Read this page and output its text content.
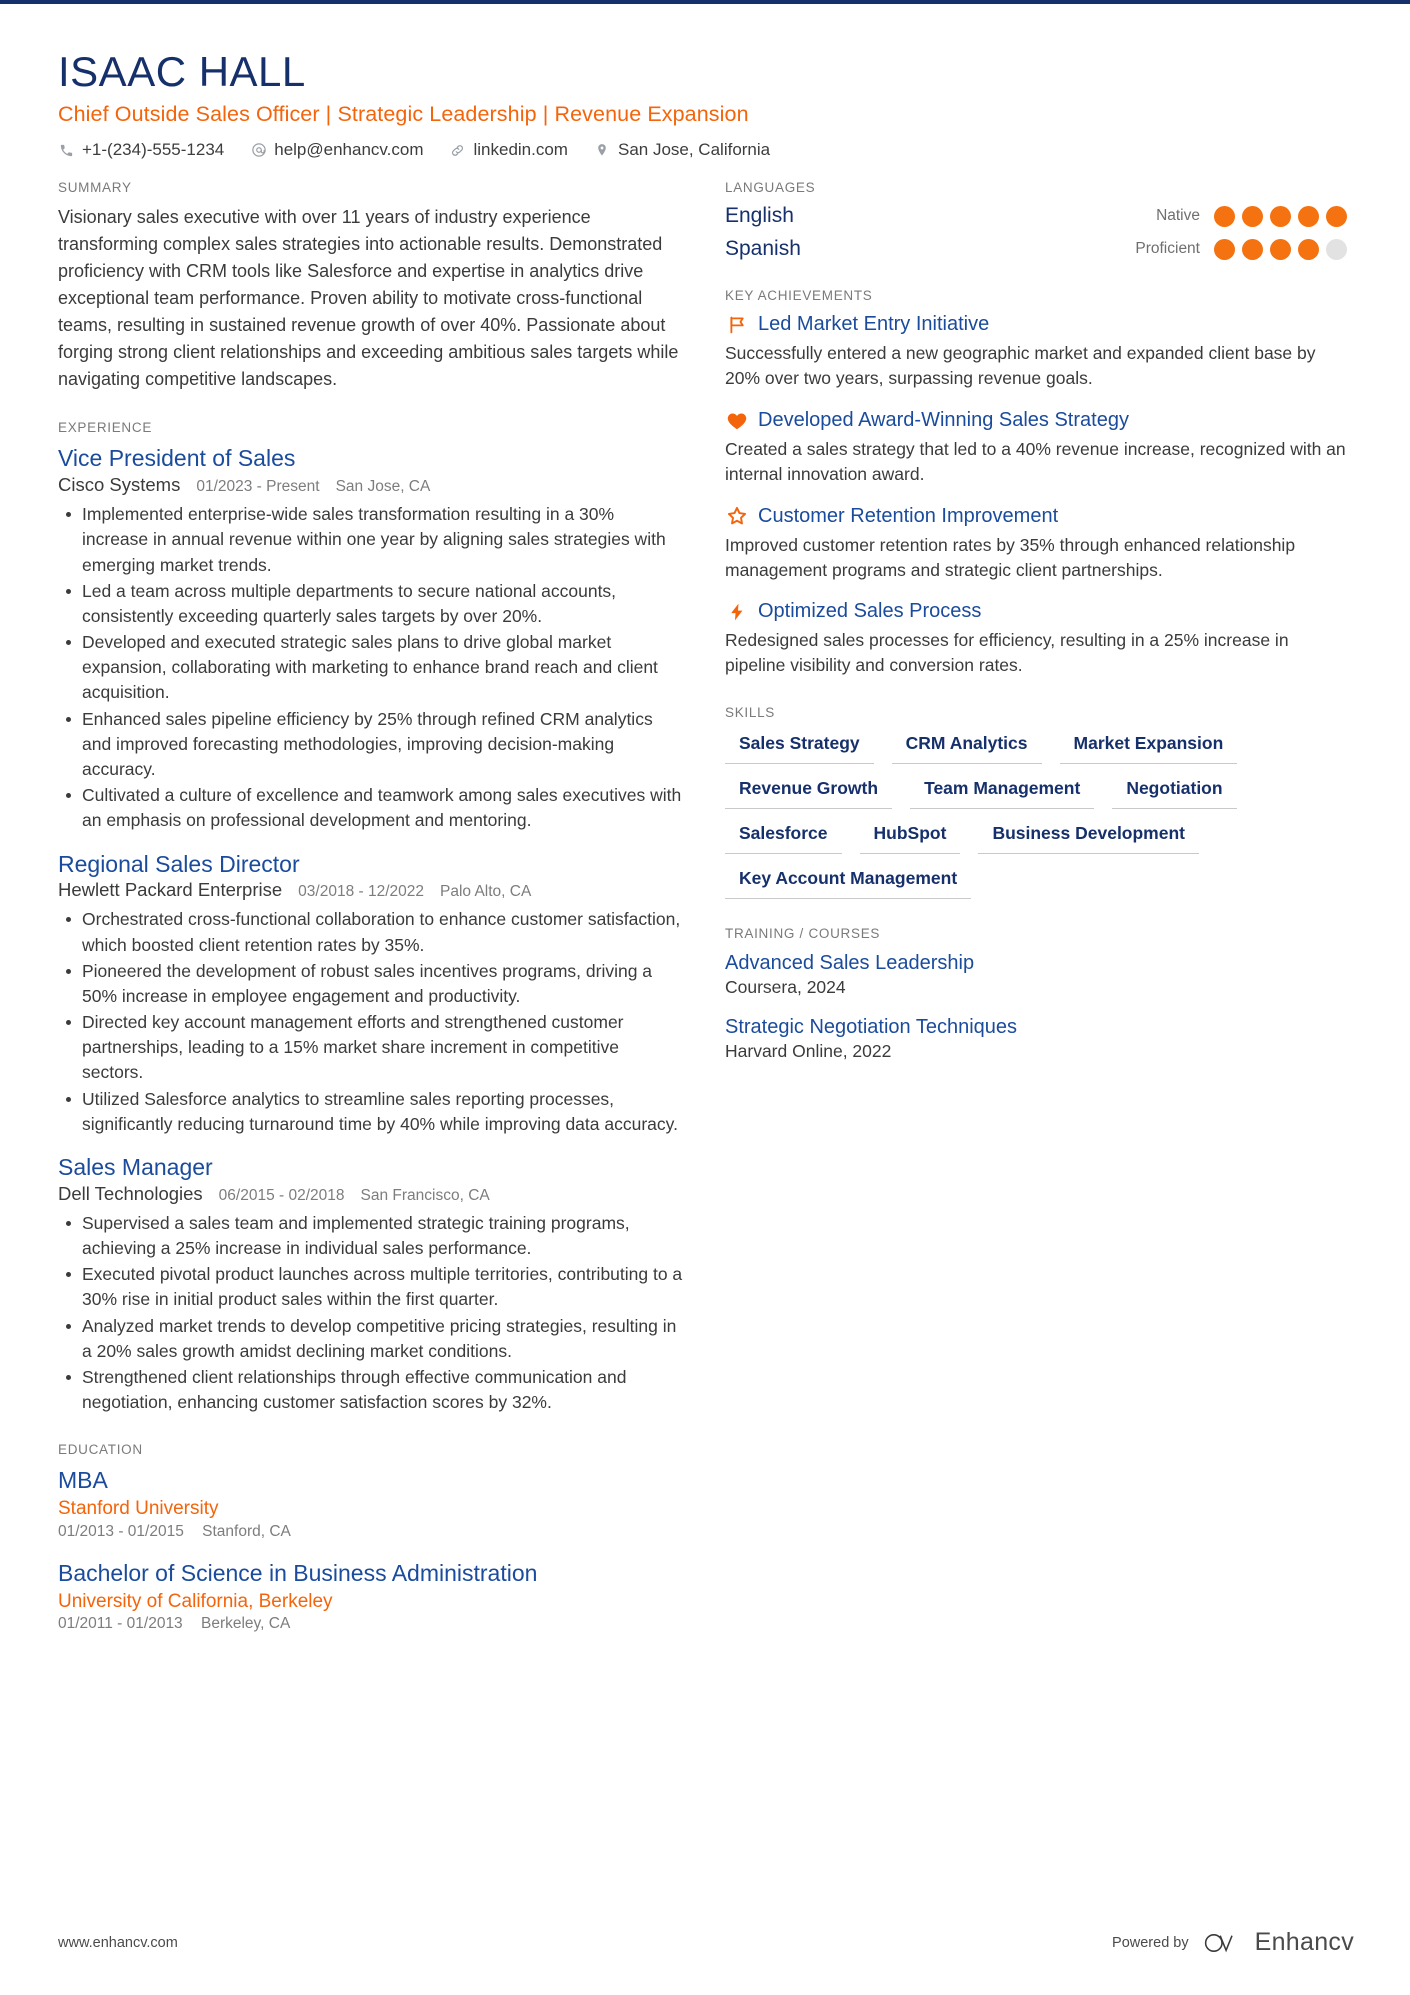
ISAAC HALL
Chief Outside Sales Officer | Strategic Leadership | Revenue Expansion
+1-(234)-555-1234	help@enhancv.com	linkedin.com	San Jose, California
SUMMARY
Visionary sales executive with over 11 years of industry experience transforming complex sales strategies into actionable results. Demonstrated proficiency with CRM tools like Salesforce and expertise in analytics drive exceptional team performance. Proven ability to motivate cross-functional teams, resulting in sustained revenue growth of over 40%. Passionate about forging strong client relationships and exceeding ambitious sales targets while navigating competitive landscapes.
EXPERIENCE
Vice President of Sales
Cisco Systems 01/2023 - Present San Jose, CA
Implemented enterprise-wide sales transformation resulting in a 30% increase in annual revenue within one year by aligning sales strategies with emerging market trends.
Led a team across multiple departments to secure national accounts, consistently exceeding quarterly sales targets by over 20%.
Developed and executed strategic sales plans to drive global market expansion, collaborating with marketing to enhance brand reach and client acquisition.
Enhanced sales pipeline efficiency by 25% through refined CRM analytics and improved forecasting methodologies, improving decision-making accuracy.
Cultivated a culture of excellence and teamwork among sales executives with an emphasis on professional development and mentoring.
Regional Sales Director
Hewlett Packard Enterprise 03/2018 - 12/2022 Palo Alto, CA
Orchestrated cross-functional collaboration to enhance customer satisfaction, which boosted client retention rates by 35%.
Pioneered the development of robust sales incentives programs, driving a 50% increase in employee engagement and productivity.
Directed key account management efforts and strengthened customer partnerships, leading to a 15% market share increment in competitive sectors.
Utilized Salesforce analytics to streamline sales reporting processes, significantly reducing turnaround time by 40% while improving data accuracy.
Sales Manager
Dell Technologies 06/2015 - 02/2018 San Francisco, CA
Supervised a sales team and implemented strategic training programs, achieving a 25% increase in individual sales performance.
Executed pivotal product launches across multiple territories, contributing to a 30% rise in initial product sales within the first quarter.
Analyzed market trends to develop competitive pricing strategies, resulting in a 20% sales growth amidst declining market conditions.
Strengthened client relationships through effective communication and negotiation, enhancing customer satisfaction scores by 32%.
EDUCATION
MBA
Stanford University
01/2013 - 01/2015 Stanford, CA
Bachelor of Science in Business Administration
University of California, Berkeley
01/2011 - 01/2013 Berkeley, CA
LANGUAGES
English	Native
Spanish	Proficient
KEY ACHIEVEMENTS
Led Market Entry Initiative
Successfully entered a new geographic market and expanded client base by 20% over two years, surpassing revenue goals.
Developed Award-Winning Sales Strategy
Created a sales strategy that led to a 40% revenue increase, recognized with an internal innovation award.
Customer Retention Improvement
Improved customer retention rates by 35% through enhanced relationship management programs and strategic client partnerships.
Optimized Sales Process
Redesigned sales processes for efficiency, resulting in a 25% increase in pipeline visibility and conversion rates.
SKILLS
Sales Strategy	CRM Analytics	Market Expansion
Revenue Growth	Team Management	Negotiation
Salesforce	HubSpot	Business Development
Key Account Management
TRAINING / COURSES
Advanced Sales Leadership
Coursera, 2024
Strategic Negotiation Techniques
Harvard Online, 2022
www.enhancv.com	Powered by	Enhancv
